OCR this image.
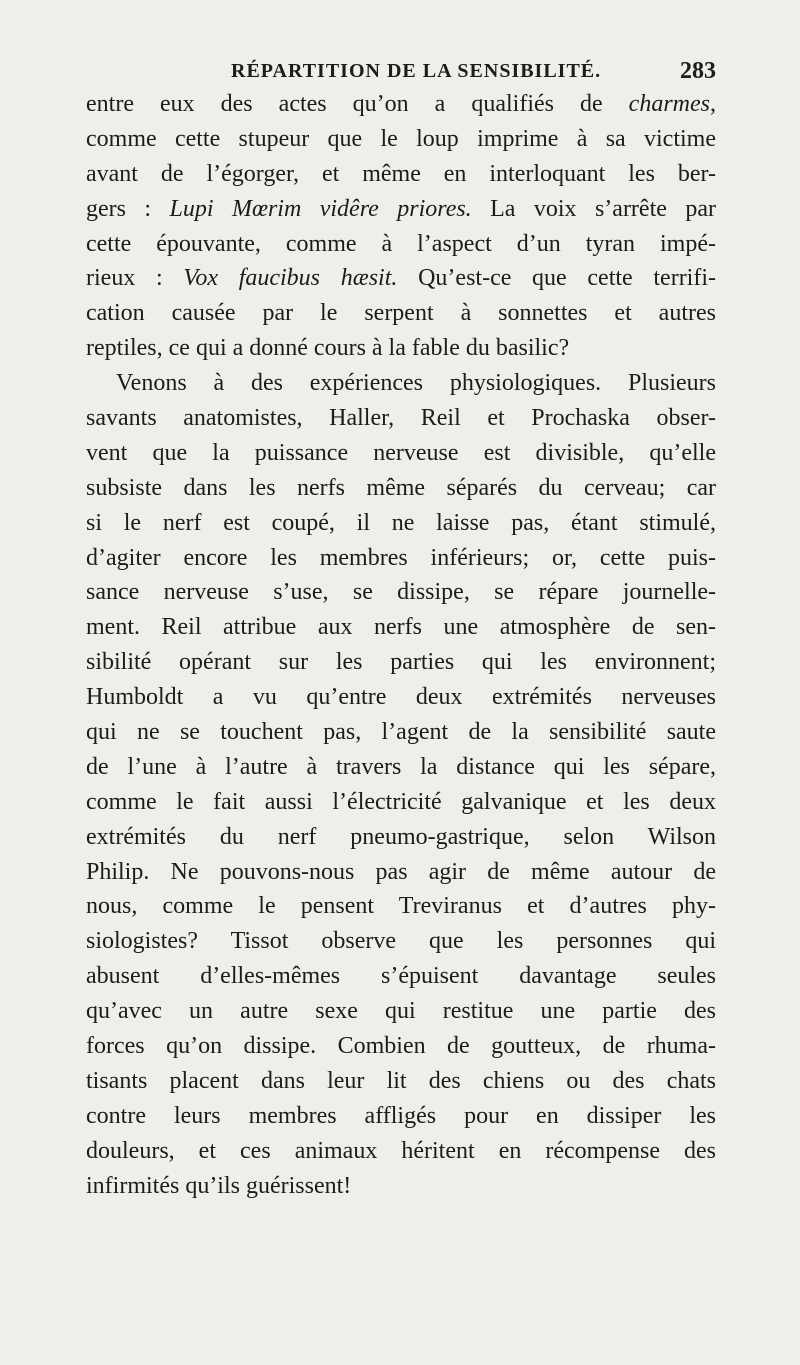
RÉPARTITION DE LA SENSIBILITÉ.	283
entre eux des actes qu’on a qualifiés de charmes,
comme cette stupeur que le loup imprime à sa victime
avant de l’égorger, et même en interloquant les ber-
gers : Lupi Mœrim vidêre priores. La voix s’arrête par
cette épouvante, comme à l’aspect d’un tyran impé-
rieux : Vox faucibus hæsit. Qu’est-ce que cette terrifi-
cation causée par le serpent à sonnettes et autres
reptiles, ce qui a donné cours à la fable du basilic?
Venons à des expériences physiologiques. Plusieurs
savants anatomistes, Haller, Reil et Prochaska obser-
vent que la puissance nerveuse est divisible, qu’elle
subsiste dans les nerfs même séparés du cerveau; car
si le nerf est coupé, il ne laisse pas, étant stimulé,
d’agiter encore les membres inférieurs; or, cette puis-
sance nerveuse s’use, se dissipe, se répare journelle-
ment. Reil attribue aux nerfs une atmosphère de sen-
sibilité opérant sur les parties qui les environnent;
Humboldt a vu qu’entre deux extrémités nerveuses
qui ne se touchent pas, l’agent de la sensibilité saute
de l’une à l’autre à travers la distance qui les sépare,
comme le fait aussi l’électricité galvanique et les deux
extrémités du nerf pneumo-gastrique, selon Wilson
Philip. Ne pouvons-nous pas agir de même autour de
nous, comme le pensent Treviranus et d’autres phy-
siologistes? Tissot observe que les personnes qui
abusent d’elles-mêmes s’épuisent davantage seules
qu’avec un autre sexe qui restitue une partie des
forces qu’on dissipe. Combien de goutteux, de rhuma-
tisants placent dans leur lit des chiens ou des chats
contre leurs membres affligés pour en dissiper les
douleurs, et ces animaux héritent en récompense des
infirmités qu’ils guérissent!
